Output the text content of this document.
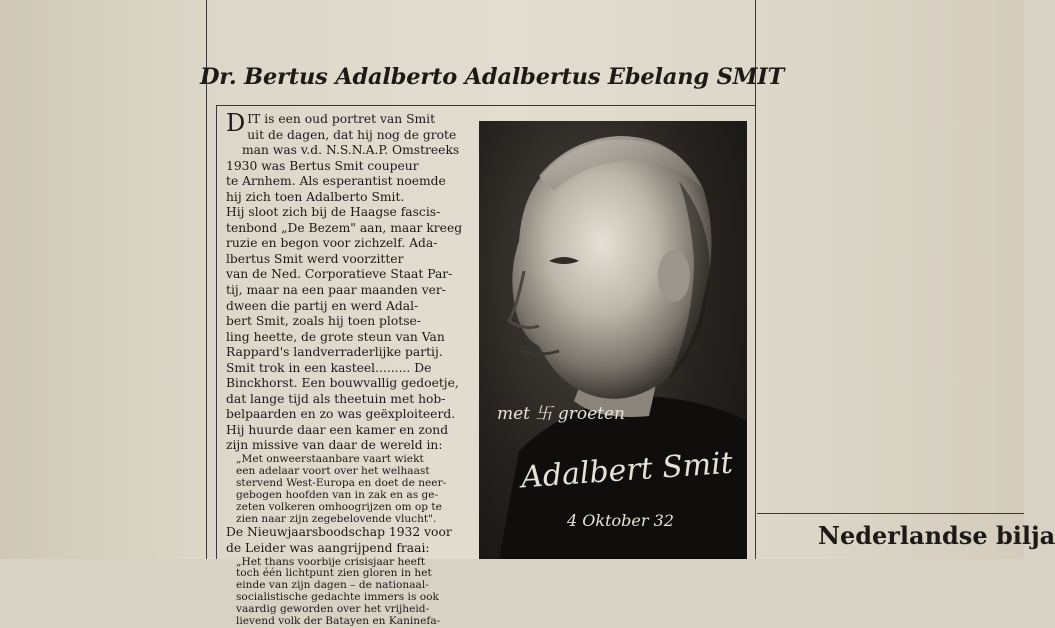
Dr. Bertus Adalberto Adalbertus Ebelang SMIT

DIT is een oud portret van Smit

uit de dagen, dat hij nog de grote

man was v.d. N.S.N.A.P. Omstreeks

1930 was Bertus Smit coupeur

te Arnhem. Als esperantist noemde

hij zich toen Adalberto Smit.

Hij sloot zich bij de Haagse fascis-

tenbond „De Bezem" aan, maar kreeg

ruzie en begon voor zichzelf. Ada-

lbertus Smit werd voorzitter

van de Ned. Corporatieve Staat Par-

tij, maar na een paar maanden ver-

dween die partij en werd Adal-

bert Smit, zoals hij toen plotse-

ling heette, de grote steun van Van

Rappard's landverraderlijke partij.

Smit trok in een kasteel......... De

Binckhorst. Een bouwvallig gedoetje,

dat lange tijd als theetuin met hob-

belpaarden en zo was geëxploiteerd.

Hij huurde daar een kamer en zond

zijn missive van daar de wereld in:

„Met onweerstaanbare vaart wiekt

een adelaar voort over het welhaast

stervend West-Europa en doet de neer-

gebogen hoofden van in zak en as ge-

zeten volkeren omhoogrijzen om op te

zien naar zijn zegebelovende vlucht".

De Nieuwjaarsboodschap 1932 voor

de Leider was aangrijpend fraai:

„Het thans voorbije crisisjaar heeft

toch één lichtpunt zien gloren in het

einde van zijn dagen – de nationaal-

socialistische gedachte immers is ook

vaardig geworden over het vrijheid-

lievend volk der Batayen en Kaninefa-

met 卐 groeten
Adalbert Smit
4 Oktober 32

Nederlandse bilja
